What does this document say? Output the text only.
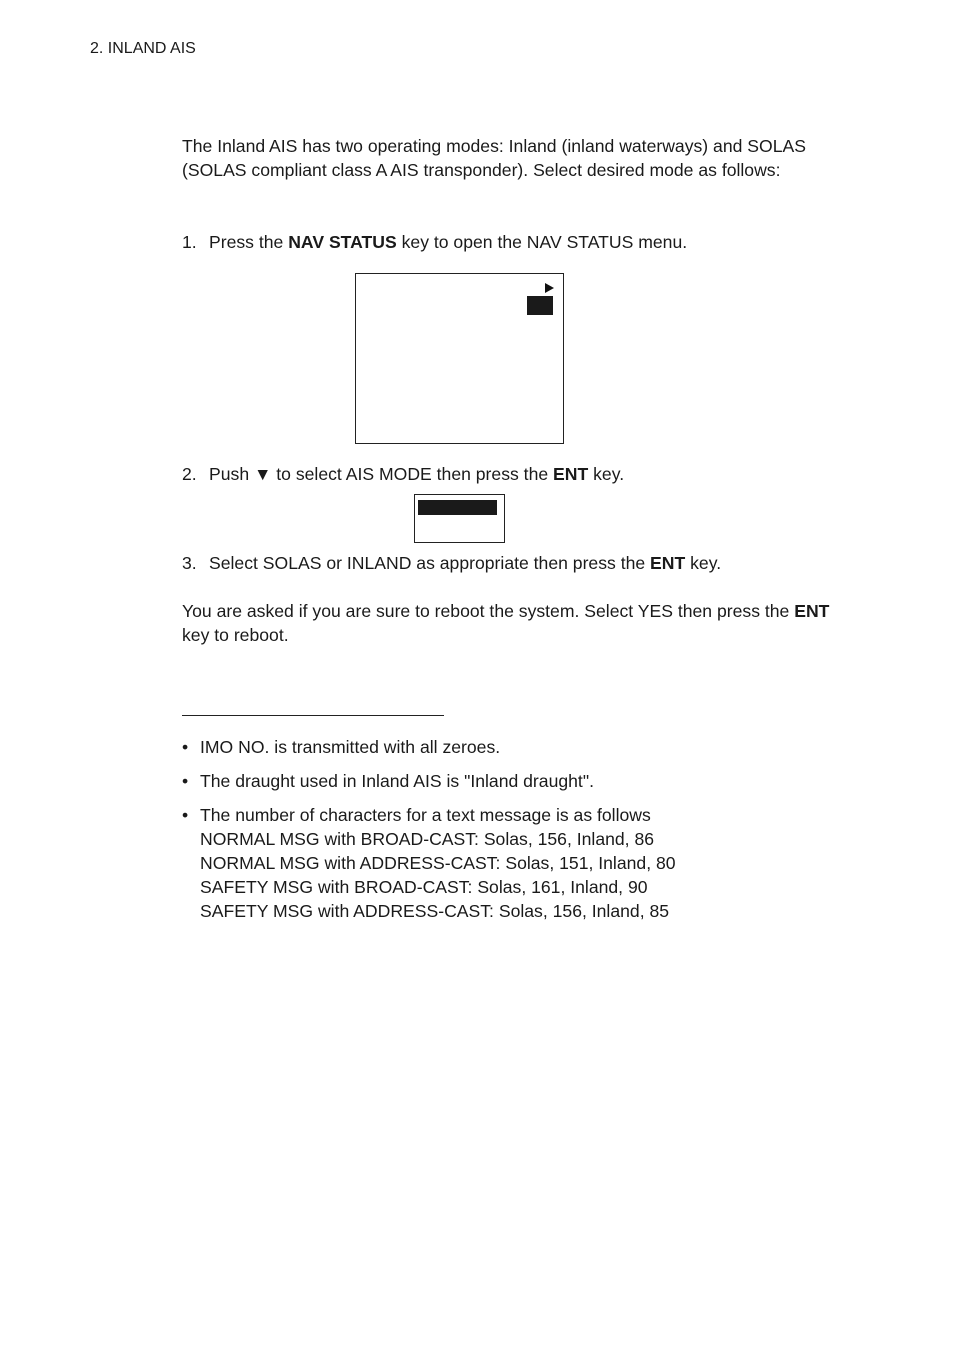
2. INLAND AIS

The Inland AIS has two operating modes: Inland (inland waterways) and SOLAS (SOLAS compliant class A AIS transponder). Select desired mode as follows:

1. Press the NAV STATUS key to open the NAV STATUS menu.

2. Push ▼ to select AIS MODE then press the ENT key.

3. Select SOLAS or INLAND as appropriate then press the ENT key.

You are asked if you are sure to reboot the system. Select YES then press the ENT key to reboot.

• IMO NO. is transmitted with all zeroes.
• The draught used in Inland AIS is "Inland draught".
• The number of characters for a text message is as follows
NORMAL MSG with BROAD-CAST: Solas, 156, Inland, 86
NORMAL MSG with ADDRESS-CAST: Solas, 151, Inland, 80
SAFETY MSG with BROAD-CAST: Solas, 161, Inland, 90
SAFETY MSG with ADDRESS-CAST: Solas, 156, Inland, 85
